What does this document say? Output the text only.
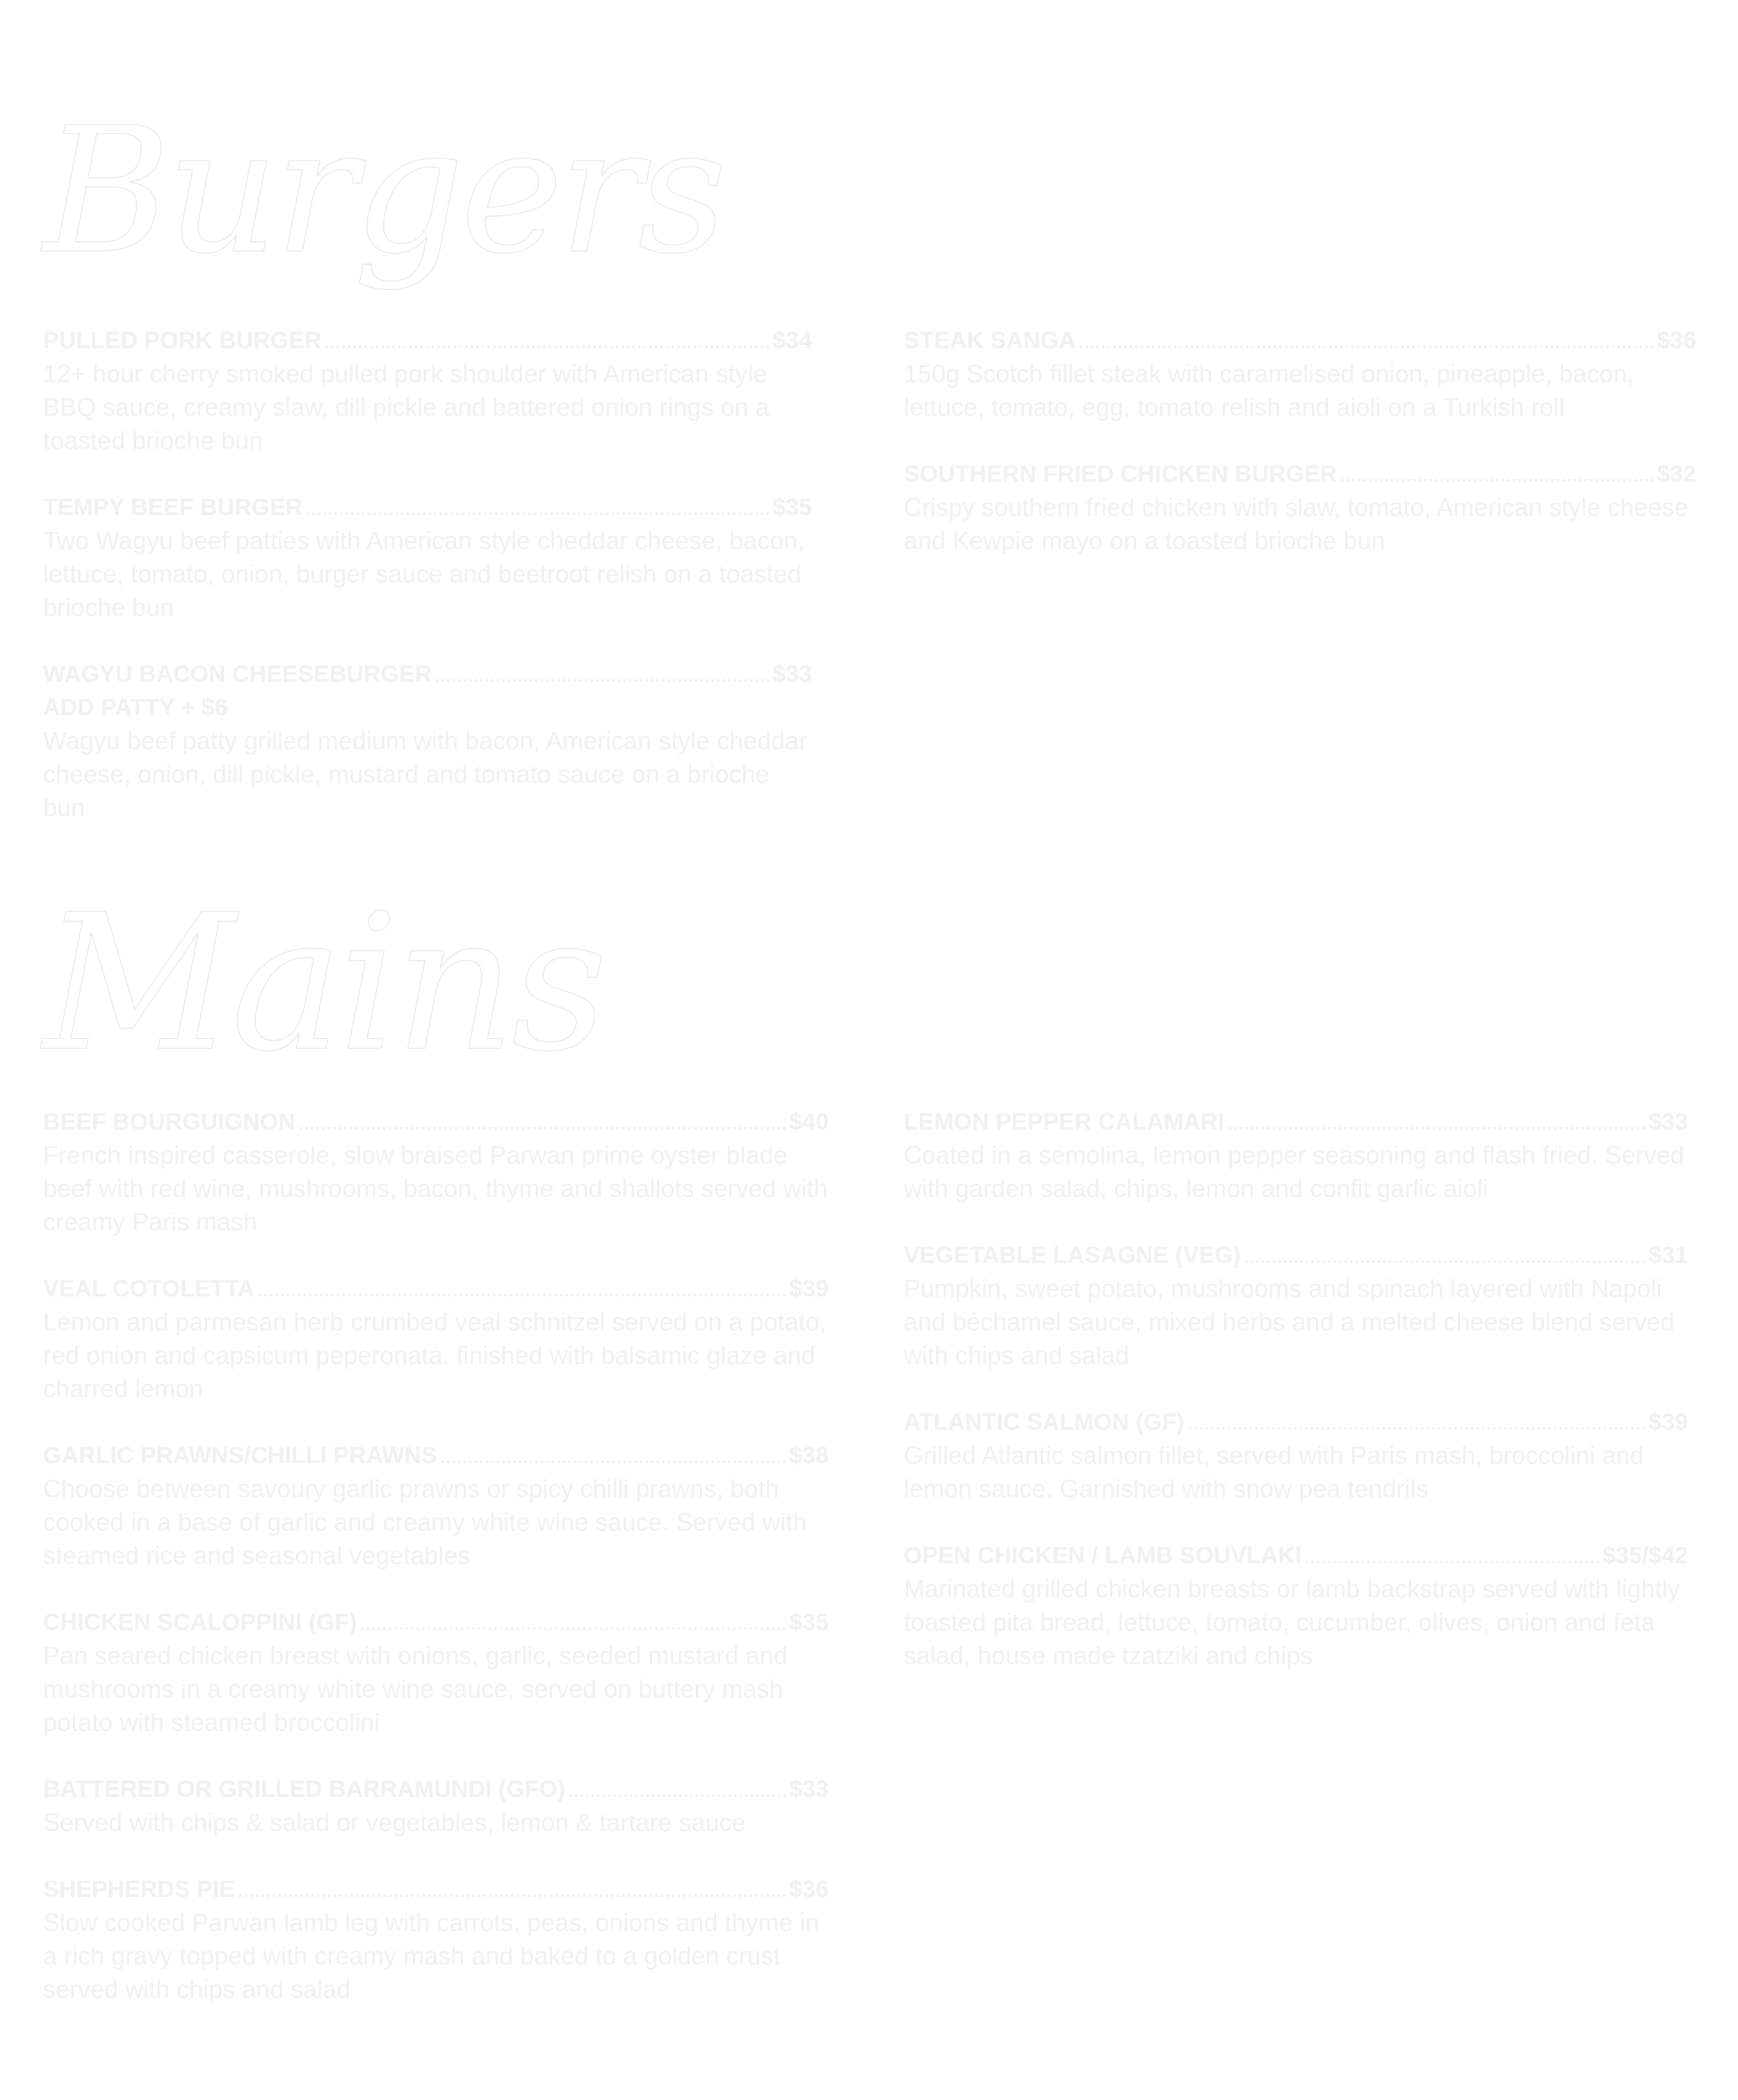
Burgers
PULLED PORK BURGER	$34
12+ hour cherry smoked pulled pork shoulder with American style BBQ sauce, creamy slaw, dill pickle and battered onion rings on a toasted brioche bun
TEMPY BEEF BURGER	$35
Two Wagyu beef patties with American style cheddar cheese, bacon, lettuce, tomato, onion, burger sauce and beetroot relish on a toasted brioche bun
WAGYU BACON CHEESEBURGER	$33
ADD PATTY + $6
Wagyu beef patty grilled medium with bacon, American style cheddar cheese, onion, dill pickle, mustard and tomato sauce on a brioche bun
STEAK SANGA	$36
150g Scotch fillet steak with caramelised onion, pineapple, bacon, lettuce, tomato, egg, tomato relish and aioli on a Turkish roll
SOUTHERN FRIED CHICKEN BURGER	$32
Crispy southern fried chicken with slaw, tomato, American style cheese and Kewpie mayo on a toasted brioche bun
Mains
BEEF BOURGUIGNON	$40
French inspired casserole, slow braised Parwan prime oyster blade beef with red wine, mushrooms, bacon, thyme and shallots served with creamy Paris mash
VEAL COTOLETTA	$39
Lemon and parmesan herb crumbed veal schnitzel served on a potato, red onion and capsicum peperonata. finished with balsamic glaze and charred lemon
GARLIC PRAWNS/CHILLI PRAWNS	$38
Choose between savoury garlic prawns or spicy chilli prawns, both cooked in a base of garlic and creamy white wine sauce. Served with steamed rice and seasonal vegetables
CHICKEN SCALOPPINI (GF)	$35
Pan seared chicken breast with onions, garlic, seeded mustard and mushrooms in a creamy white wine sauce, served on buttery mash potato with steamed broccolini
BATTERED OR GRILLED BARRAMUNDI (GFO)	$33
Served with chips & salad or vegetables, lemon & tartare sauce
SHEPHERDS PIE	$36
Slow cooked Parwan lamb leg with carrots, peas, onions and thyme in a rich gravy topped with creamy mash and baked to a golden crust served with chips and salad
LEMON PEPPER CALAMARI	$33
Coated in a semolina, lemon pepper seasoning and flash fried. Served with garden salad, chips, lemon and confit garlic aioli
VEGETABLE LASAGNE (VEG)	$31
Pumpkin, sweet potato, mushrooms and spinach layered with Napoli and béchamel sauce, mixed herbs and a melted cheese blend served with chips and salad
ATLANTIC SALMON (GF)	$39
Grilled Atlantic salmon fillet, served with Paris mash, broccolini and lemon sauce. Garnished with snow pea tendrils
OPEN CHICKEN / LAMB SOUVLAKI	$35/$42
Marinated grilled chicken breasts or lamb backstrap served with lightly toasted pita bread, lettuce, tomato, cucumber, olives, onion and feta salad, house made tzatziki and chips
